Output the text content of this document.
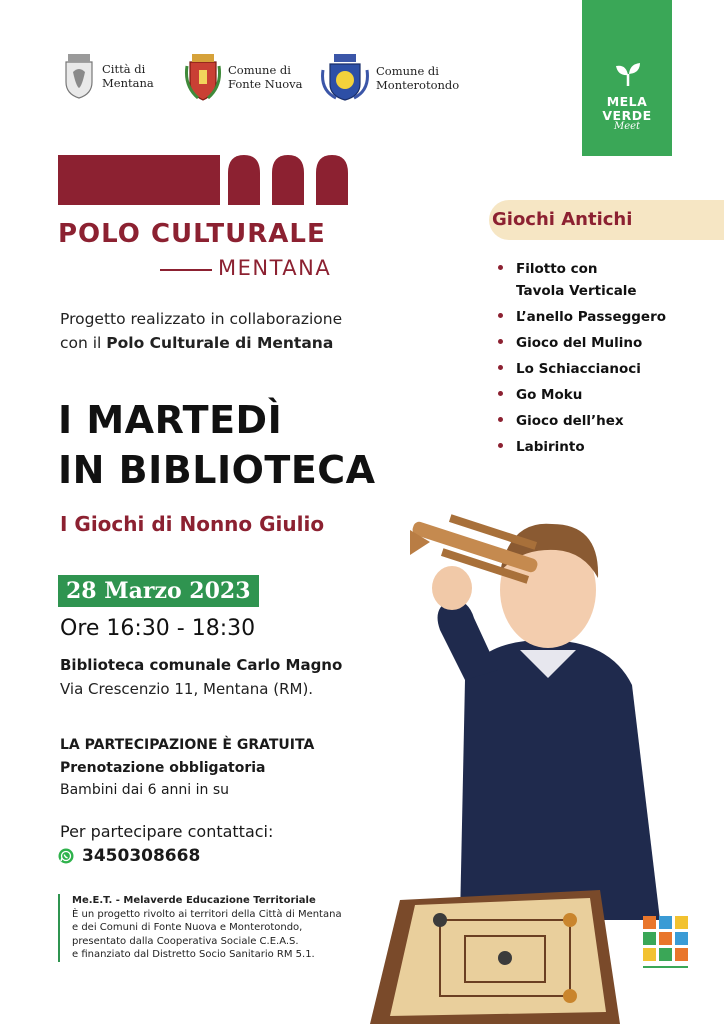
Città di
Mentana
Comune di
Fonte Nuova
Comune di
Monterotondo
MELA
VERDE
Meet
POLO CULTURALE
MENTANA
Progetto realizzato in collaborazione
con il Polo Culturale di Mentana
I MARTEDÌ
IN BIBLIOTECA
I Giochi di Nonno Giulio
28 Marzo 2023
Ore 16:30 - 18:30
Biblioteca comunale Carlo Magno
Via Crescenzio 11, Mentana (RM).
LA PARTECIPAZIONE È GRATUITA
Prenotazione obbligatoria
Bambini dai 6 anni in su
Per partecipare contattaci:
3450308668
Me.E.T. - Melaverde Educazione Territoriale
È un progetto rivolto ai territori della Città di Mentana
e dei Comuni di Fonte Nuova e Monterotondo,
presentato dalla Cooperativa Sociale C.E.A.S.
e finanziato dal Distretto Socio Sanitario RM 5.1.
Giochi Antichi
Filotto con
Tavola Verticale
L’anello Passeggero
Gioco del Mulino
Lo Schiaccianoci
Go Moku
Gioco dell’hex
Labirinto
